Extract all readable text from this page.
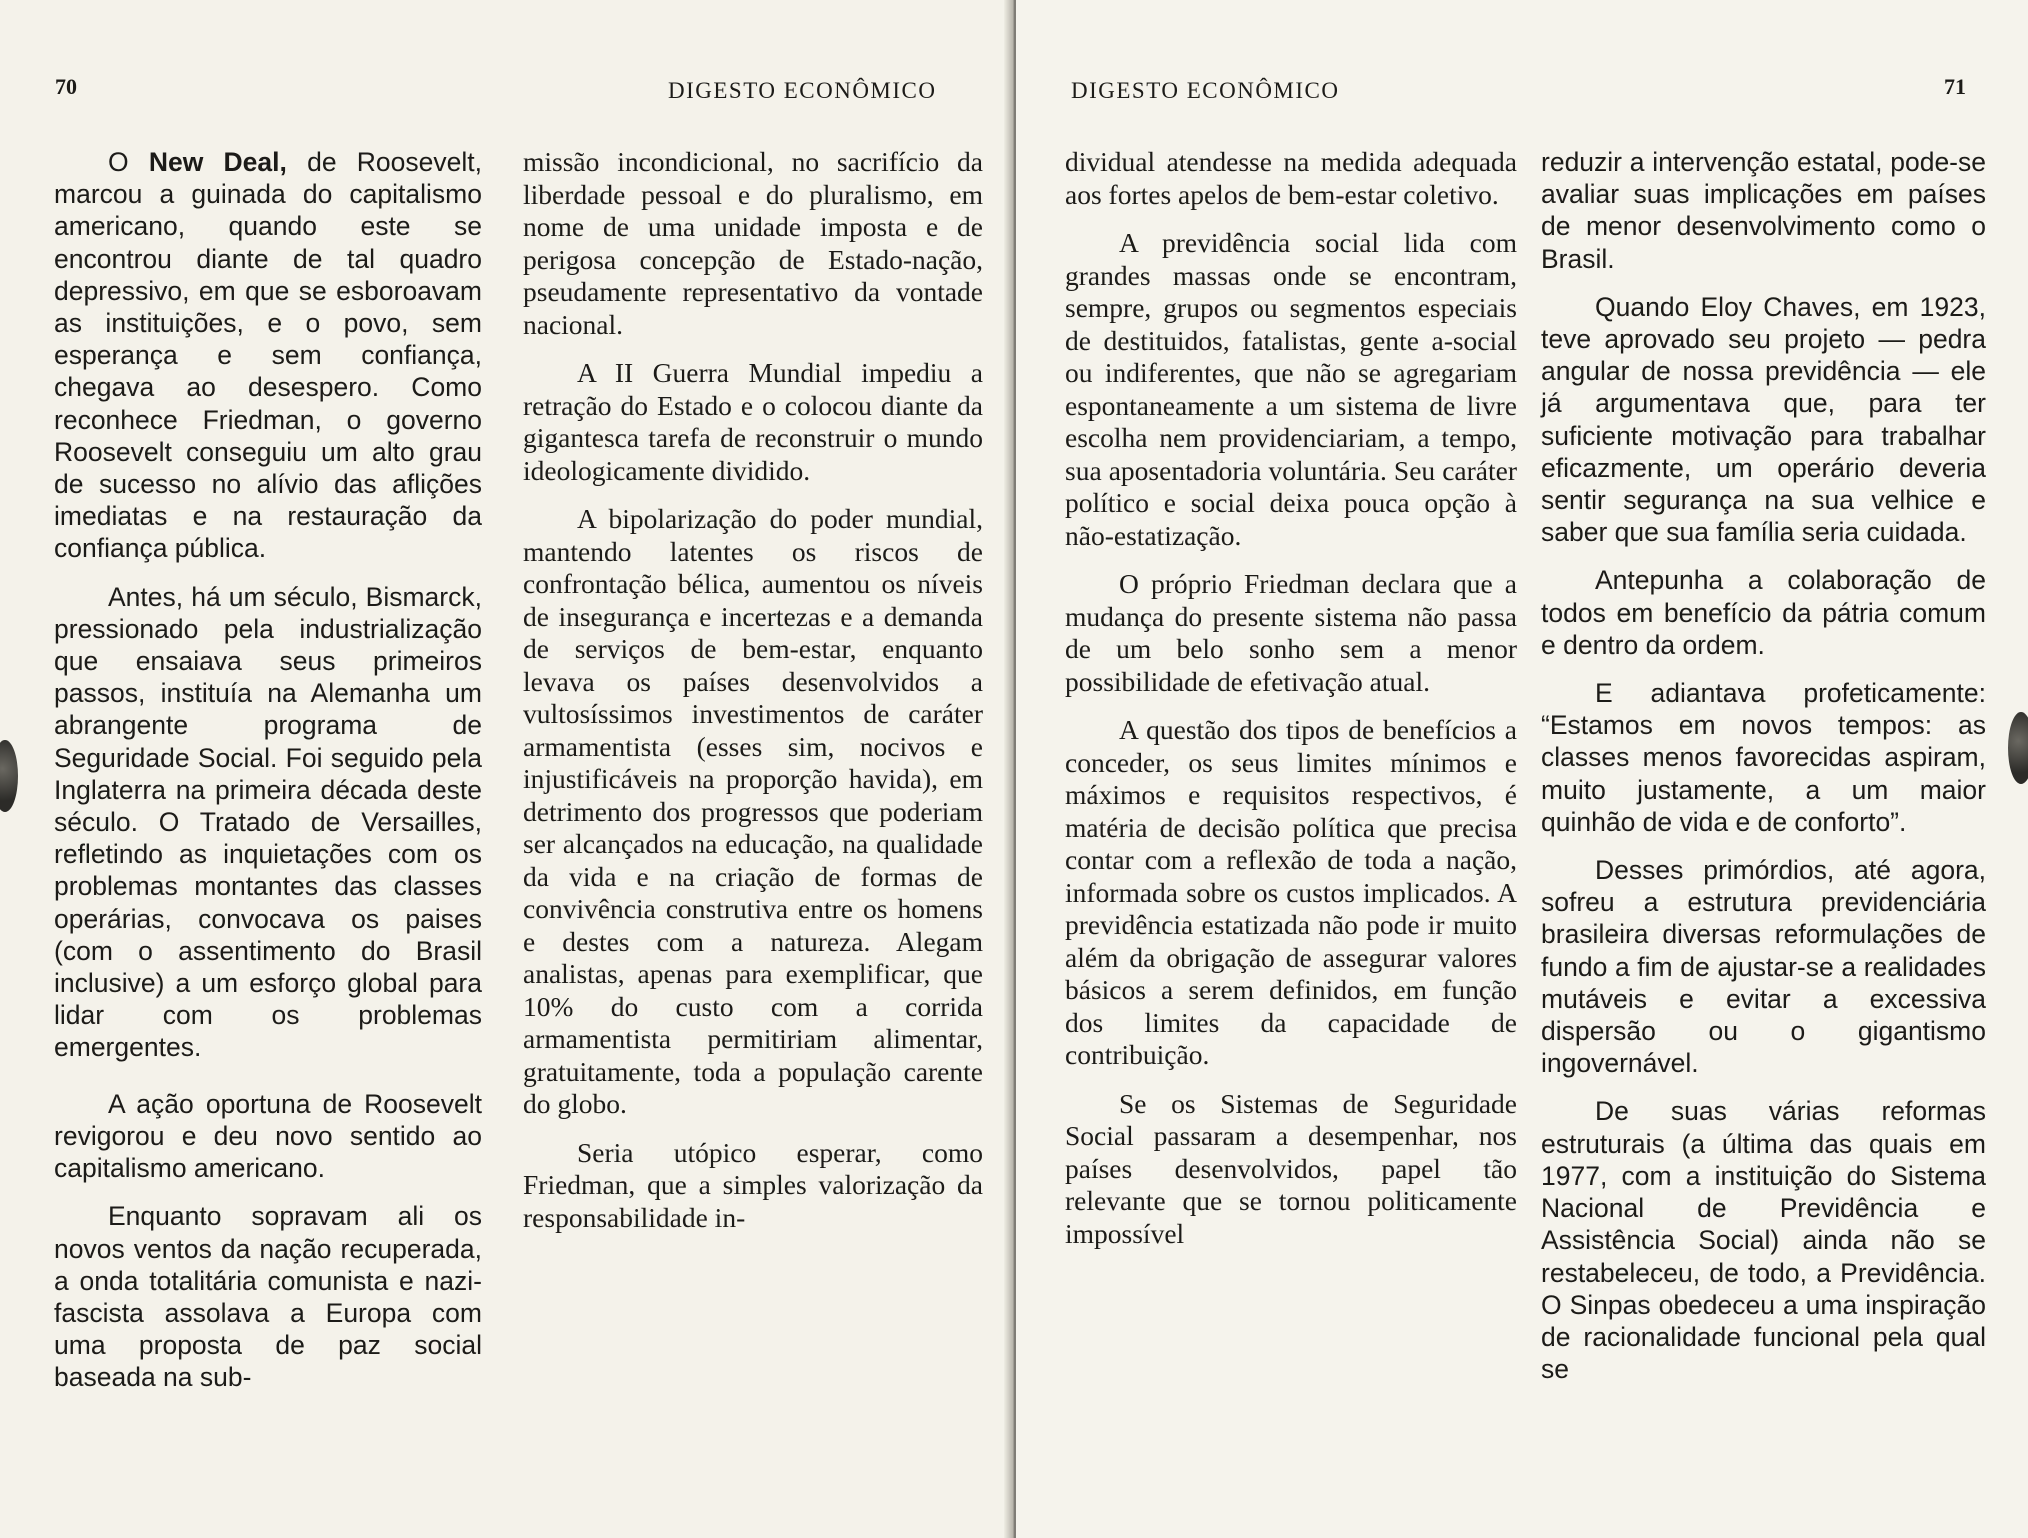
70	DIGESTO ECONÔMICO

O New Deal, de Roosevelt, marcou a guinada do capitalismo americano, quando este se encontrou diante de tal quadro depressivo, em que se esboroavam as instituições, e o povo, sem esperança e sem confiança, chegava ao desespero. Como reconhece Friedman, o governo Roosevelt conseguiu um alto grau de sucesso no alívio das aflições imediatas e na restauração da confiança pública.

Antes, há um século, Bismarck, pressionado pela industrialização que ensaiava seus primeiros passos, instituía na Alemanha um abrangente programa de Seguridade Social. Foi seguido pela Inglaterra na primeira década deste século. O Tratado de Versailles, refletindo as inquietações com os problemas montantes das classes operárias, convocava os paises (com o assentimento do Brasil inclusive) a um esforço global para lidar com os problemas emergentes.

A ação oportuna de Roosevelt revigorou e deu novo sentido ao capitalismo americano.

Enquanto sopravam ali os novos ventos da nação recuperada, a onda totalitária comunista e nazi-fascista assolava a Europa com uma proposta de paz social baseada na sub-

missão incondicional, no sacrifício da liberdade pessoal e do pluralismo, em nome de uma unidade imposta e de perigosa concepção de Estado-nação, pseudamente representativo da vontade nacional.

A II Guerra Mundial impediu a retração do Estado e o colocou diante da gigantesca tarefa de reconstruir o mundo ideologicamente dividido.

A bipolarização do poder mundial, mantendo latentes os riscos de confrontação bélica, aumentou os níveis de insegurança e incertezas e a demanda de serviços de bem-estar, enquanto levava os países desenvolvidos a vultosíssimos investimentos de caráter armamentista (esses sim, nocivos e injustificáveis na proporção havida), em detrimento dos progressos que poderiam ser alcançados na educação, na qualidade da vida e na criação de formas de convivência construtiva entre os homens e destes com a natureza. Alegam analistas, apenas para exemplificar, que 10% do custo com a corrida armamentista permitiriam alimentar, gratuitamente, toda a população carente do globo.

Seria utópico esperar, como Friedman, que a simples valorização da responsabilidade in-

DIGESTO ECONÔMICO	71

dividual atendesse na medida adequada aos fortes apelos de bem-estar coletivo.

A previdência social lida com grandes massas onde se encontram, sempre, grupos ou segmentos especiais de destituidos, fatalistas, gente a-social ou indiferentes, que não se agregariam espontaneamente a um sistema de livre escolha nem providenciariam, a tempo, sua aposentadoria voluntária. Seu caráter político e social deixa pouca opção à não-estatização.

O próprio Friedman declara que a mudança do presente sistema não passa de um belo sonho sem a menor possibilidade de efetivação atual.

A questão dos tipos de benefícios a conceder, os seus limites mínimos e máximos e requisitos respectivos, é matéria de decisão política que precisa contar com a reflexão de toda a nação, informada sobre os custos implicados. A previdência estatizada não pode ir muito além da obrigação de assegurar valores básicos a serem definidos, em função dos limites da capacidade de contribuição.

Se os Sistemas de Seguridade Social passaram a desempenhar, nos países desenvolvidos, papel tão relevante que se tornou politicamente impossível

reduzir a intervenção estatal, pode-se avaliar suas implicações em países de menor desenvolvimento como o Brasil.

Quando Eloy Chaves, em 1923, teve aprovado seu projeto — pedra angular de nossa previdência — ele já argumentava que, para ter suficiente motivação para trabalhar eficazmente, um operário deveria sentir segurança na sua velhice e saber que sua família seria cuidada.

Antepunha a colaboração de todos em benefício da pátria comum e dentro da ordem.

E adiantava profeticamente: “Estamos em novos tempos: as classes menos favorecidas aspiram, muito justamente, a um maior quinhão de vida e de conforto”.

Desses primórdios, até agora, sofreu a estrutura previdenciária brasileira diversas reformulações de fundo a fim de ajustar-se a realidades mutáveis e evitar a excessiva dispersão ou o gigantismo ingovernável.

De suas várias reformas estruturais (a última das quais em 1977, com a instituição do Sistema Nacional de Previdência e Assistência Social) ainda não se restabeleceu, de todo, a Previdência. O Sinpas obedeceu a uma inspiração de racionalidade funcional pela qual se
